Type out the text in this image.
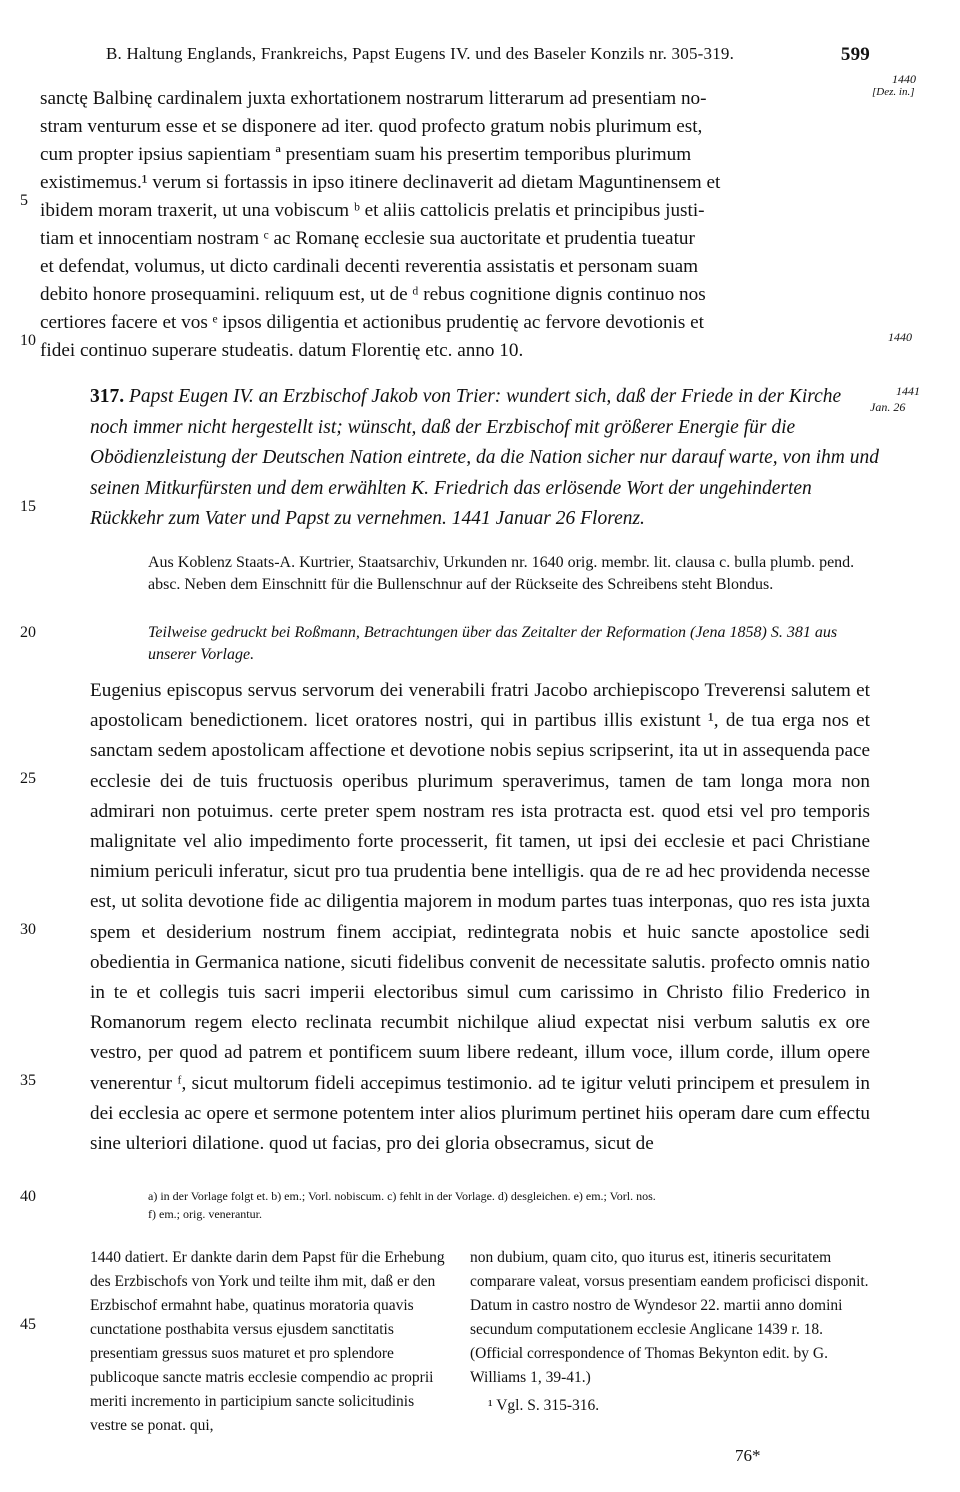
B. Haltung Englands, Frankreichs, Papst Eugens IV. und des Baseler Konzils nr. 305-319.	599
1440
[Dez. in.]
1440
1441
Jan. 26
5
10
15
20
25
30
35
40
45
sanctę Balbinę cardinalem juxta exhortationem nostrarum litterarum ad presentiam no-
stram venturum esse et se disponere ad iter. quod profecto gratum nobis plurimum est,
cum propter ipsius sapientiam ª presentiam suam his presertim temporibus plurimum
existimemus.¹ verum si fortassis in ipso itinere declinaverit ad dietam Maguntinensem et
ibidem moram traxerit, ut una vobiscum ᵇ et aliis cattolicis prelatis et principibus justi-
tiam et innocentiam nostram ᶜ ac Romanę ecclesie sua auctoritate et prudentia tueatur
et defendat, volumus, ut dicto cardinali decenti reverentia assistatis et personam suam
debito honore prosequamini. reliquum est, ut de ᵈ rebus cognitione dignis continuo nos
certiores facere et vos ᵉ ipsos diligentia et actionibus prudentię ac fervore devotionis et
fidei continuo superare studeatis. datum Florentię etc. anno 10.
317. Papst Eugen IV. an Erzbischof Jakob von Trier: wundert sich, daß der Friede in der Kirche noch immer nicht hergestellt ist; wünscht, daß der Erzbischof mit größerer Energie für die Obödienzleistung der Deutschen Nation eintrete, da die Nation sicher nur darauf warte, von ihm und seinen Mitkurfürsten und dem erwählten K. Friedrich das erlösende Wort der ungehinderten Rückkehr zum Vater und Papst zu vernehmen. 1441 Januar 26 Florenz.
Aus Koblenz Staats-A. Kurtrier, Staatsarchiv, Urkunden nr. 1640 orig. membr. lit. clausa c. bulla plumb. pend. absc. Neben dem Einschnitt für die Bullenschnur auf der Rückseite des Schreibens steht Blondus.
Teilweise gedruckt bei Roßmann, Betrachtungen über das Zeitalter der Reformation (Jena 1858) S. 381 aus unserer Vorlage.

Eugenius episcopus servus servorum dei venerabili fratri Jacobo archiepiscopo Treverensi salutem et apostolicam benedictionem. licet oratores nostri, qui in partibus illis existunt ¹, de tua erga nos et sanctam sedem apostolicam affectione et devotione nobis sepius scripserint, ita ut in assequenda pace ecclesie dei de tuis fructuosis operibus plurimum speraverimus, tamen de tam longa mora non admirari non potuimus. certe preter spem nostram res ista protracta est. quod etsi vel pro temporis malignitate vel alio impedimento forte processerit, fit tamen, ut ipsi dei ecclesie et paci Christiane nimium periculi inferatur, sicut pro tua prudentia bene intelligis. qua de re ad hec providenda necesse est, ut solita devotione fide ac diligentia majorem in modum partes tuas interponas, quo res ista juxta spem et desiderium nostrum finem accipiat, redintegrata nobis et huic sancte apostolice sedi obedientia in Germanica natione, sicuti fidelibus convenit de necessitate salutis. profecto omnis natio in te et collegis tuis sacri imperii electoribus simul cum carissimo in Christo filio Frederico in Romanorum regem electo reclinata recumbit nichilque aliud expectat nisi verbum salutis ex ore vestro, per quod ad patrem et pontificem suum libere redeant, illum voce, illum corde, illum opere venerentur ᶠ, sicut multorum fideli accepimus testimonio. ad te igitur veluti principem et presulem in dei ecclesia ac opere et sermone potentem inter alios plurimum pertinet hiis operam dare cum effectu sine ulteriori dilatione. quod ut facias, pro dei gloria obsecramus, sicut de

a) in der Vorlage folgt et. b) em.; Vorl. nobiscum. c) fehlt in der Vorlage. d) desgleichen. e) em.; Vorl. nos.
f) em.; orig. venerantur.
1440 datiert. Er dankte darin dem Papst für die Erhebung des Erzbischofs von York und teilte ihm mit, daß er den Erzbischof ermahnt habe, quatinus moratoria quavis cunctatione posthabita versus ejusdem sanctitatis presentiam gressus suos maturet et pro splendore publicoque sancte matris ecclesie compendio ac proprii meriti incremento in participium sancte solicitudinis vestre se ponat. qui,
non dubium, quam cito, quo iturus est, itineris securitatem comparare valeat, vorsus presentiam eandem proficisci disponit. Datum in castro nostro de Wyndesor 22. martii anno domini secundum computationem ecclesie Anglicane 1439 r. 18. (Official correspondence of Thomas Bekynton edit. by G. Williams 1, 39-41.)
¹ Vgl. S. 315-316.
76*
